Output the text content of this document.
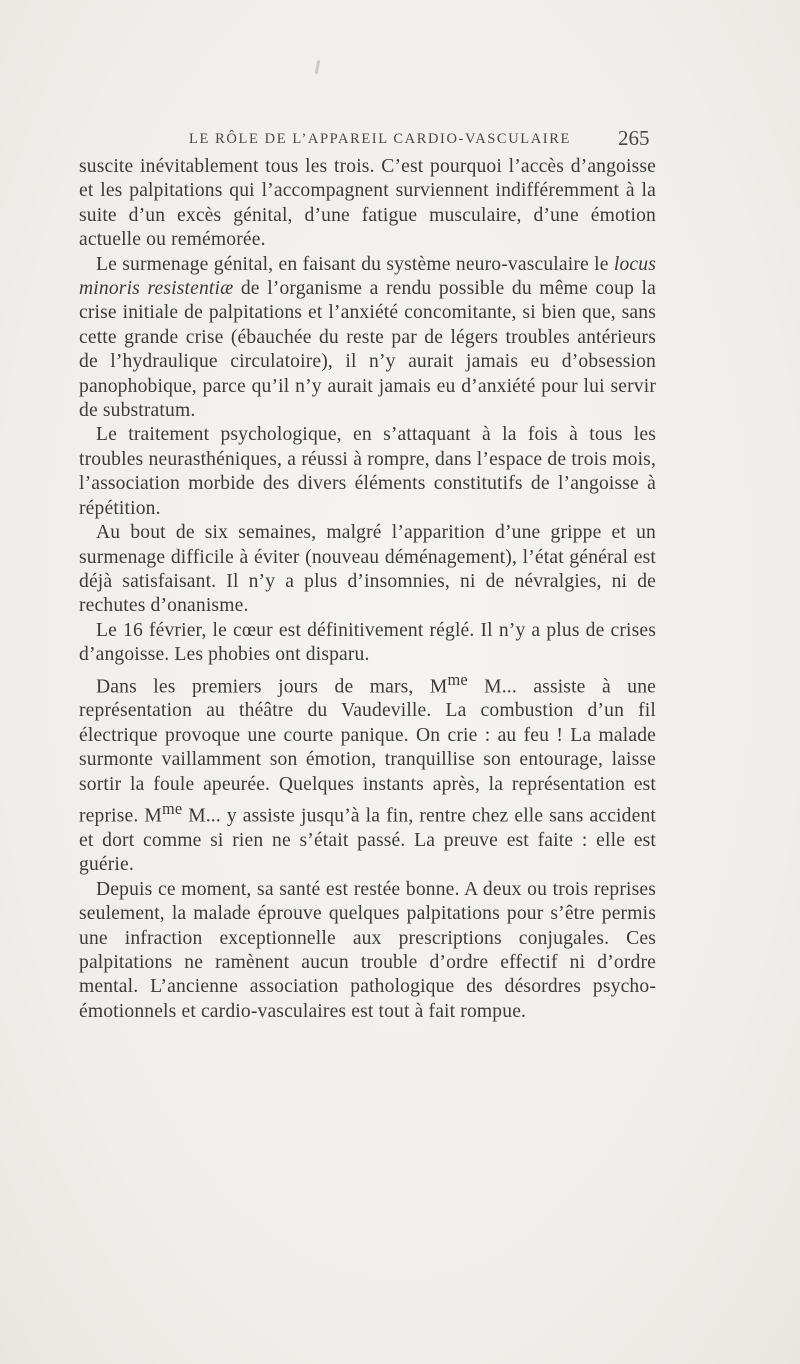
LE RÔLE DE L’APPAREIL CARDIO-VASCULAIRE	265

suscite inévitablement tous les trois. C’est pourquoi l’accès d’angoisse et les palpitations qui l’accompagnent surviennent indifféremment à la suite d’un excès génital, d’une fatigue musculaire, d’une émotion actuelle ou remémorée.

Le surmenage génital, en faisant du système neuro-vasculaire le locus minoris resistentiæ de l’organisme a rendu possible du même coup la crise initiale de palpitations et l’anxiété concomitante, si bien que, sans cette grande crise (ébauchée du reste par de légers troubles antérieurs de l’hydraulique circulatoire), il n’y aurait jamais eu d’obsession panophobique, parce qu’il n’y aurait jamais eu d’anxiété pour lui servir de substratum.

Le traitement psychologique, en s’attaquant à la fois à tous les troubles neurasthéniques, a réussi à rompre, dans l’espace de trois mois, l’association morbide des divers éléments constitutifs de l’angoisse à répétition.

Au bout de six semaines, malgré l’apparition d’une grippe et un surmenage difficile à éviter (nouveau déménagement), l’état général est déjà satisfaisant. Il n’y a plus d’insomnies, ni de névralgies, ni de rechutes d’onanisme.

Le 16 février, le cœur est définitivement réglé. Il n’y a plus de crises d’angoisse. Les phobies ont disparu.

Dans les premiers jours de mars, $M^{me}$ M... assiste à une représentation au théâtre du Vaudeville. La combustion d’un fil électrique provoque une courte panique. On crie : au feu ! La malade surmonte vaillamment son émotion, tranquillise son entourage, laisse sortir la foule apeurée. Quelques instants après, la représentation est reprise. $M^{me}$ M... y assiste jusqu’à la fin, rentre chez elle sans accident et dort comme si rien ne s’était passé. La preuve est faite : elle est guérie.

Depuis ce moment, sa santé est restée bonne. A deux ou trois reprises seulement, la malade éprouve quelques palpitations pour s’être permis une infraction exceptionnelle aux prescriptions conjugales. Ces palpitations ne ramènent aucun trouble d’ordre effectif ni d’ordre mental. L’ancienne association pathologique des désordres psycho-émotionnels et cardio-vasculaires est tout à fait rompue.
